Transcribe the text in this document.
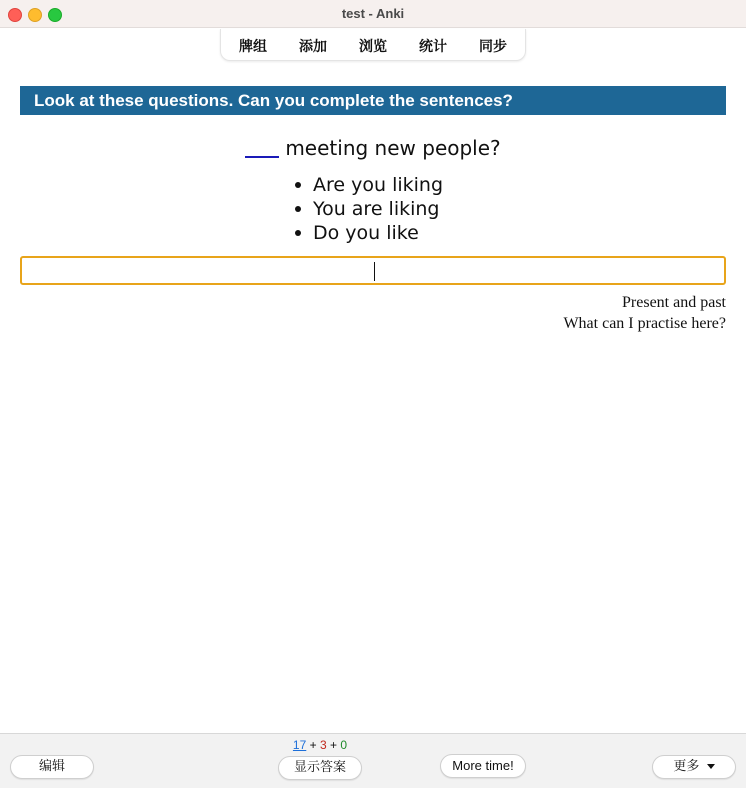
test - Anki
牌组 添加 浏览 统计 同步
Look at these questions. Can you complete the sentences?
meeting new people?
Are you liking
You are liking
Do you like
Present and past
What can I practise here?
编辑
17 + 3 + 0
显示答案	More time!	更多
